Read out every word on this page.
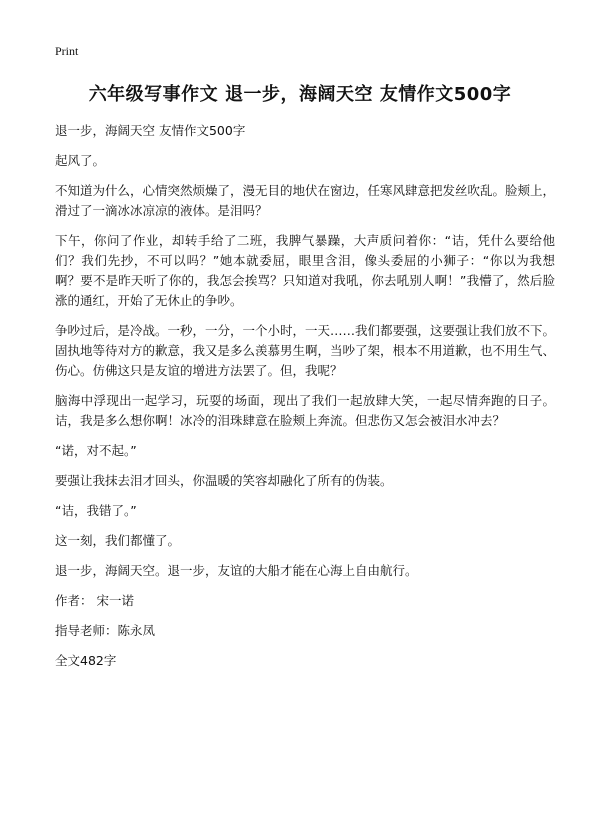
Print
六年级写事作文 退一步，海阔天空 友情作文500字

退一步，海阔天空 友情作文500字

起风了。

不知道为什么，心情突然烦燥了，漫无目的地伏在窗边，任寒风肆意把发丝吹乱。脸颊上，滑过了一滴冰冰凉凉的液体。是泪吗？

下午，你问了作业，却转手给了二班，我脾气暴躁，大声质问着你：“诘，凭什么要给他们？我们先抄，不可以吗？”她本就委屈，眼里含泪，像头委屈的小狮子：“你以为我想啊？要不是昨天听了你的，我怎会挨骂？只知道对我吼，你去吼别人啊！”我懵了，然后脸涨的通红，开始了无休止的争吵。

争吵过后，是冷战。一秒，一分，一个小时，一天……我们都要强，这要强让我们放不下。固执地等待对方的歉意，我又是多么羡慕男生啊，当吵了架，根本不用道歉，也不用生气、伤心。仿佛这只是友谊的增进方法罢了。但，我呢？

脑海中浮现出一起学习，玩耍的场面，现出了我们一起放肆大笑，一起尽情奔跑的日子。诘，我是多么想你啊！冰冷的泪珠肆意在脸颊上奔流。但悲伤又怎会被泪水冲去？

“诺，对不起。”

要强让我抹去泪才回头，你温暖的笑容却融化了所有的伪装。

“诘，我错了。”

这一刻，我们都懂了。

退一步，海阔天空。退一步，友谊的大船才能在心海上自由航行。

作者： 宋一诺

指导老师：陈永凤

全文482字
